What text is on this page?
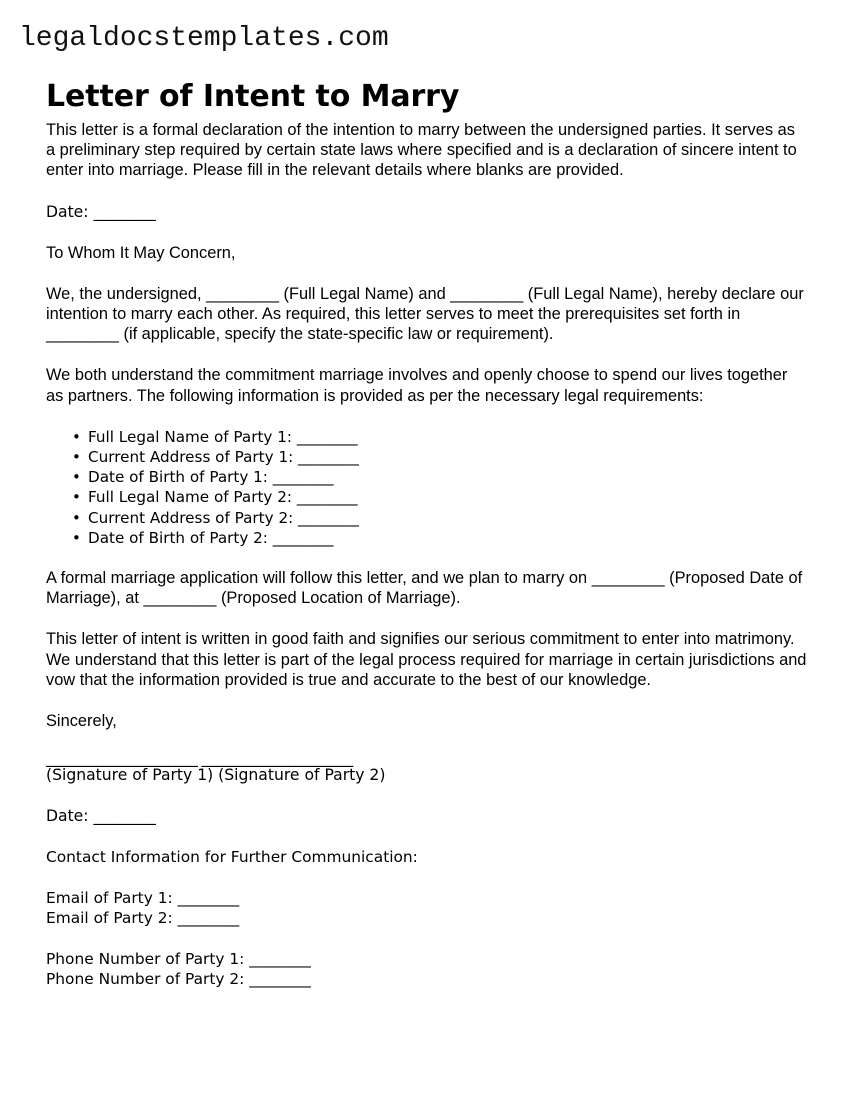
legaldocstemplates.com
Letter of Intent to Marry

This letter is a formal declaration of the intention to marry between the undersigned parties. It serves as a preliminary step required by certain state laws where specified and is a declaration of sincere intent to enter into marriage. Please fill in the relevant details where blanks are provided.

Date: ________

To Whom It May Concern,

We, the undersigned, ________ (Full Legal Name) and ________ (Full Legal Name), hereby declare our intention to marry each other. As required, this letter serves to meet the prerequisites set forth in ________ (if applicable, specify the state-specific law or requirement).

We both understand the commitment marriage involves and openly choose to spend our lives together as partners. The following information is provided as per the necessary legal requirements:

• Full Legal Name of Party 1: ________
• Current Address of Party 1: ________
• Date of Birth of Party 1: ________
• Full Legal Name of Party 2: ________
• Current Address of Party 2: ________
• Date of Birth of Party 2: ________

A formal marriage application will follow this letter, and we plan to marry on ________ (Proposed Date of Marriage), at ________ (Proposed Location of Marriage).

This letter of intent is written in good faith and signifies our serious commitment to enter into matrimony. We understand that this letter is part of the legal process required for marriage in certain jurisdictions and vow that the information provided is true and accurate to the best of our knowledge.

Sincerely,

_____________________ _____________________
(Signature of Party 1) (Signature of Party 2)

Date: ________

Contact Information for Further Communication:
Email of Party 1: ________
Email of Party 2: ________
Phone Number of Party 1: ________
Phone Number of Party 2: ________
